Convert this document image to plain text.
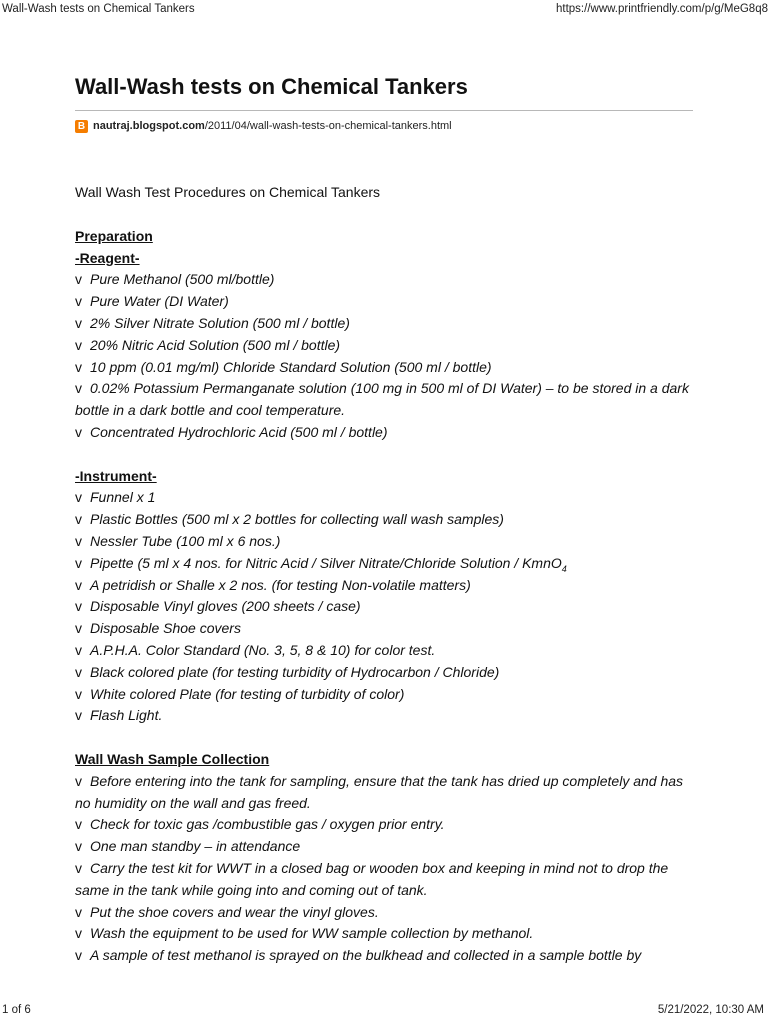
Wall-Wash tests on Chemical Tankers	https://www.printfriendly.com/p/g/MeG8q8
Wall-Wash tests on Chemical Tankers
B nautraj.blogspot.com/2011/04/wall-wash-tests-on-chemical-tankers.html
Wall Wash Test Procedures on Chemical Tankers
Preparation
-Reagent-
v Pure Methanol (500 ml/bottle)
v Pure Water (DI Water)
v 2% Silver Nitrate Solution (500 ml / bottle)
v 20% Nitric Acid Solution (500 ml / bottle)
v 10 ppm (0.01 mg/ml) Chloride Standard Solution (500 ml / bottle)
v 0.02% Potassium Permanganate solution (100 mg in 500 ml of DI Water) – to be stored in a dark bottle in a dark bottle and cool temperature.
v Concentrated Hydrochloric Acid (500 ml / bottle)
-Instrument-
v Funnel x 1
v Plastic Bottles (500 ml x 2 bottles for collecting wall wash samples)
v Nessler Tube (100 ml x 6 nos.)
v Pipette (5 ml x 4 nos. for Nitric Acid / Silver Nitrate/Chloride Solution / KmnO$_4$
v A petridish or Shalle x 2 nos. (for testing Non-volatile matters)
v Disposable Vinyl gloves (200 sheets / case)
v Disposable Shoe covers
v A.P.H.A. Color Standard (No. 3, 5, 8 & 10) for color test.
v Black colored plate (for testing turbidity of Hydrocarbon / Chloride)
v White colored Plate (for testing of turbidity of color)
v Flash Light.
Wall Wash Sample Collection
v Before entering into the tank for sampling, ensure that the tank has dried up completely and has no humidity on the wall and gas freed.
v Check for toxic gas /combustible gas / oxygen prior entry.
v One man standby – in attendance
v Carry the test kit for WWT in a closed bag or wooden box and keeping in mind not to drop the same in the tank while going into and coming out of tank.
v Put the shoe covers and wear the vinyl gloves.
v Wash the equipment to be used for WW sample collection by methanol.
v A sample of test methanol is sprayed on the bulkhead and collected in a sample bottle by
1 of 6	5/21/2022, 10:30 AM
